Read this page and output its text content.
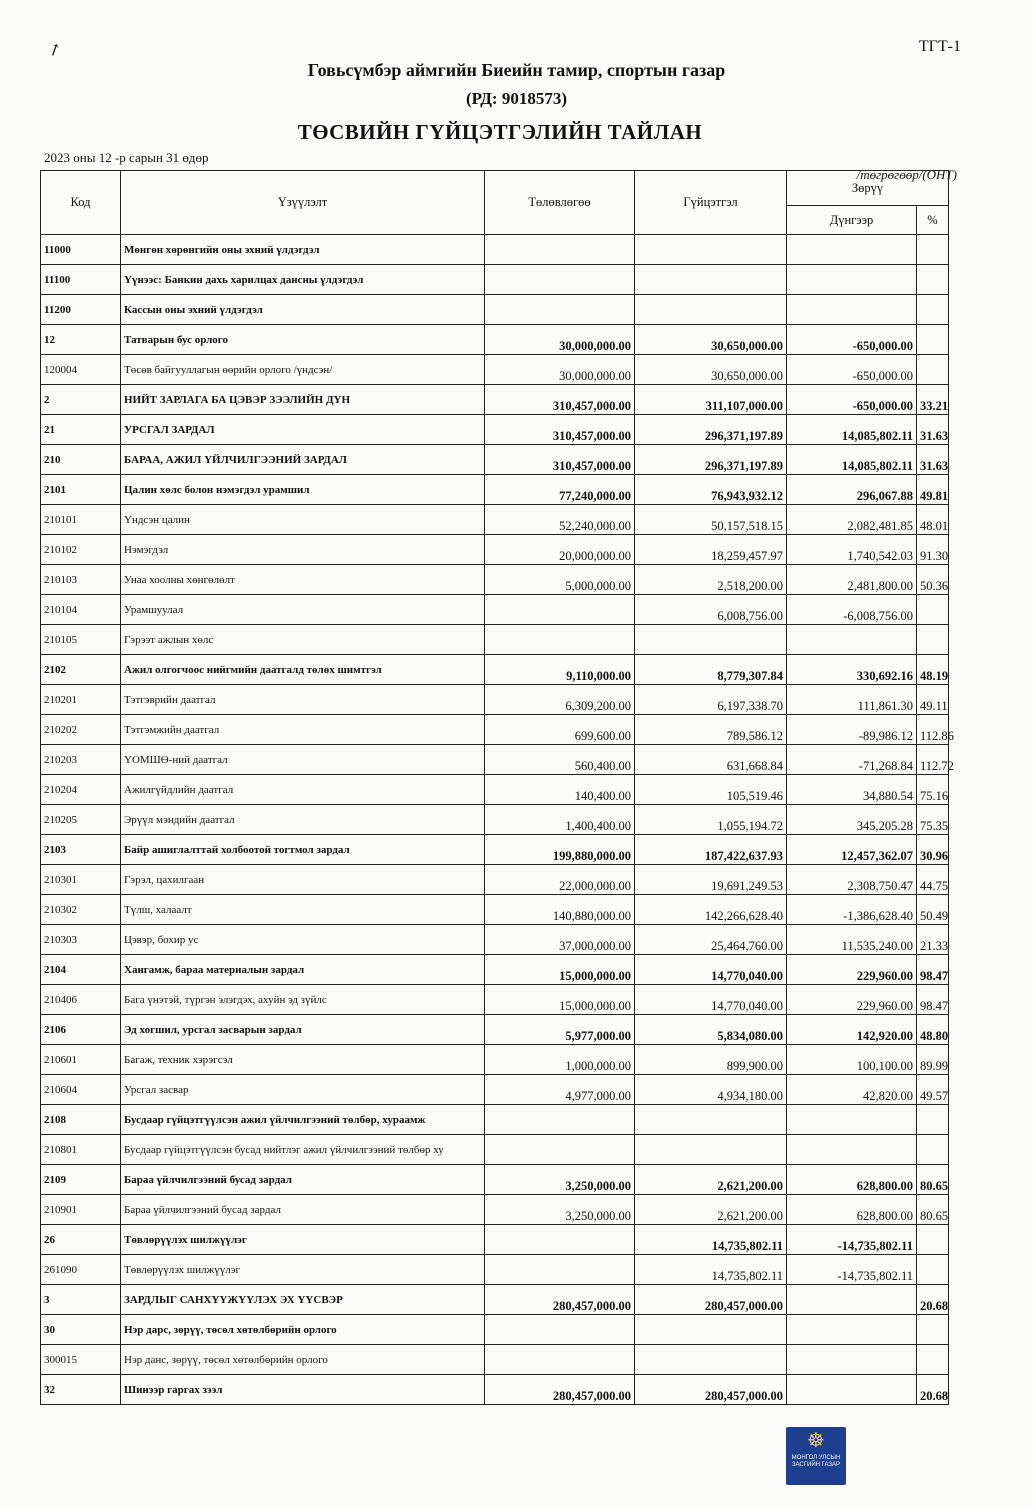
↗	ТГТ-1
Говьсүмбэр аймгийн Биеийн тамир, спортын газар
(РД: 9018573)
ТӨСВИЙН ГҮЙЦЭТГЭЛИЙН ТАЙЛАН
2023 оны 12 -р сарын 31 өдөр
/төгрөгөөр/(ОНТ)
Код	Үзүүлэлт	Төлөвлөгөө	Гүйцэтгэл	Зөрүү	
				Дүнгээр	%
11000	Мөнгөн хөрөнгийн оны эхний үлдэгдэл				
11100	Үүнээс: Банкин дахь харилцах дансны үлдэгдэл				
11200	Кассын оны эхний үлдэгдэл				
12	Татварын бус орлого	30,000,000.00	30,650,000.00	-650,000.00	
120004	Төсөв байгууллагын өөрийн орлого /үндсэн/	30,000,000.00	30,650,000.00	-650,000.00	
2	НИЙТ ЗАРЛАГА БА ЦЭВЭР ЗЭЭЛИЙН ДҮН	310,457,000.00	311,107,000.00	-650,000.00	33.21
21	УРСГАЛ ЗАРДАЛ	310,457,000.00	296,371,197.89	14,085,802.11	31.63
210	БАРАА, АЖИЛ ҮЙЛЧИЛГЭЭНИЙ ЗАРДАЛ	310,457,000.00	296,371,197.89	14,085,802.11	31.63
2101	Цалин хөлс болон нэмэгдэл урамшил	77,240,000.00	76,943,932.12	296,067.88	49.81
210101	Үндсэн цалин	52,240,000.00	50,157,518.15	2,082,481.85	48.01
210102	Нэмэгдэл	20,000,000.00	18,259,457.97	1,740,542.03	91.30
210103	Унаа хоолны хөнгөлөлт	5,000,000.00	2,518,200.00	2,481,800.00	50.36
210104	Урамшуулал		6,008,756.00	-6,008,756.00	
210105	Гэрээт ажлын хөлс				
2102	Ажил олгогчоос нийгмийн даатгалд төлөх шимтгэл	9,110,000.00	8,779,307.84	330,692.16	48.19
210201	Тэтгэврийн даатгал	6,309,200.00	6,197,338.70	111,861.30	49.11
210202	Тэтгэмжийн даатгал	699,600.00	789,586.12	-89,986.12	112.86
210203	ҮОМШӨ-ний даатгал	560,400.00	631,668.84	-71,268.84	112.72
210204	Ажилгүйдлийн даатгал	140,400.00	105,519.46	34,880.54	75.16
210205	Эрүүл мэндийн даатгал	1,400,400.00	1,055,194.72	345,205.28	75.35
2103	Байр ашиглалттай холбоотой тогтмол зардал	199,880,000.00	187,422,637.93	12,457,362.07	30.96
210301	Гэрэл, цахилгаан	22,000,000.00	19,691,249.53	2,308,750.47	44.75
210302	Түлш, халаалт	140,880,000.00	142,266,628.40	-1,386,628.40	50.49
210303	Цэвэр, бохир ус	37,000,000.00	25,464,760.00	11,535,240.00	21.33
2104	Хангамж, бараа материалын зардал	15,000,000.00	14,770,040.00	229,960.00	98.47
210406	Бага үнэтэй, түргэн элэгдэх, ахуйн эд зүйлс	15,000,000.00	14,770,040.00	229,960.00	98.47
2106	Эд хогшил, урсгал засварын зардал	5,977,000.00	5,834,080.00	142,920.00	48.80
210601	Багаж, техник хэрэгсэл	1,000,000.00	899,900.00	100,100.00	89.99
210604	Урсгал засвар	4,977,000.00	4,934,180.00	42,820.00	49.57
2108	Бусдаар гүйцэтгүүлсэн ажил үйлчилгээний төлбөр, хураамж				
210801	Бусдаар гүйцэтгүүлсэн бусад нийтлэг ажил үйлчилгээний төлбөр ху				
2109	Бараа үйлчилгээний бусад зардал	3,250,000.00	2,621,200.00	628,800.00	80.65
210901	Бараа үйлчилгээний бусад зардал	3,250,000.00	2,621,200.00	628,800.00	80.65
26	Төвлөрүүлэх шилжүүлэг		14,735,802.11	-14,735,802.11	
261090	Төвлөрүүлэх шилжүүлэг		14,735,802.11	-14,735,802.11	
3	ЗАРДЛЫГ САНХҮҮЖҮҮЛЭХ ЭХ ҮҮСВЭР	280,457,000.00	280,457,000.00		20.68
30	Нэр дарс, зөрүү, төсөл хөтөлбөрийн орлого				
300015	Нэр данс, зөрүү, төсөл хөтөлбөрийн орлого				
32	Шинээр гаргах зээл	280,457,000.00	280,457,000.00		20.68
☸
МОНГОЛ УЛСЫН
ЗАСГИЙН ГАЗАР
